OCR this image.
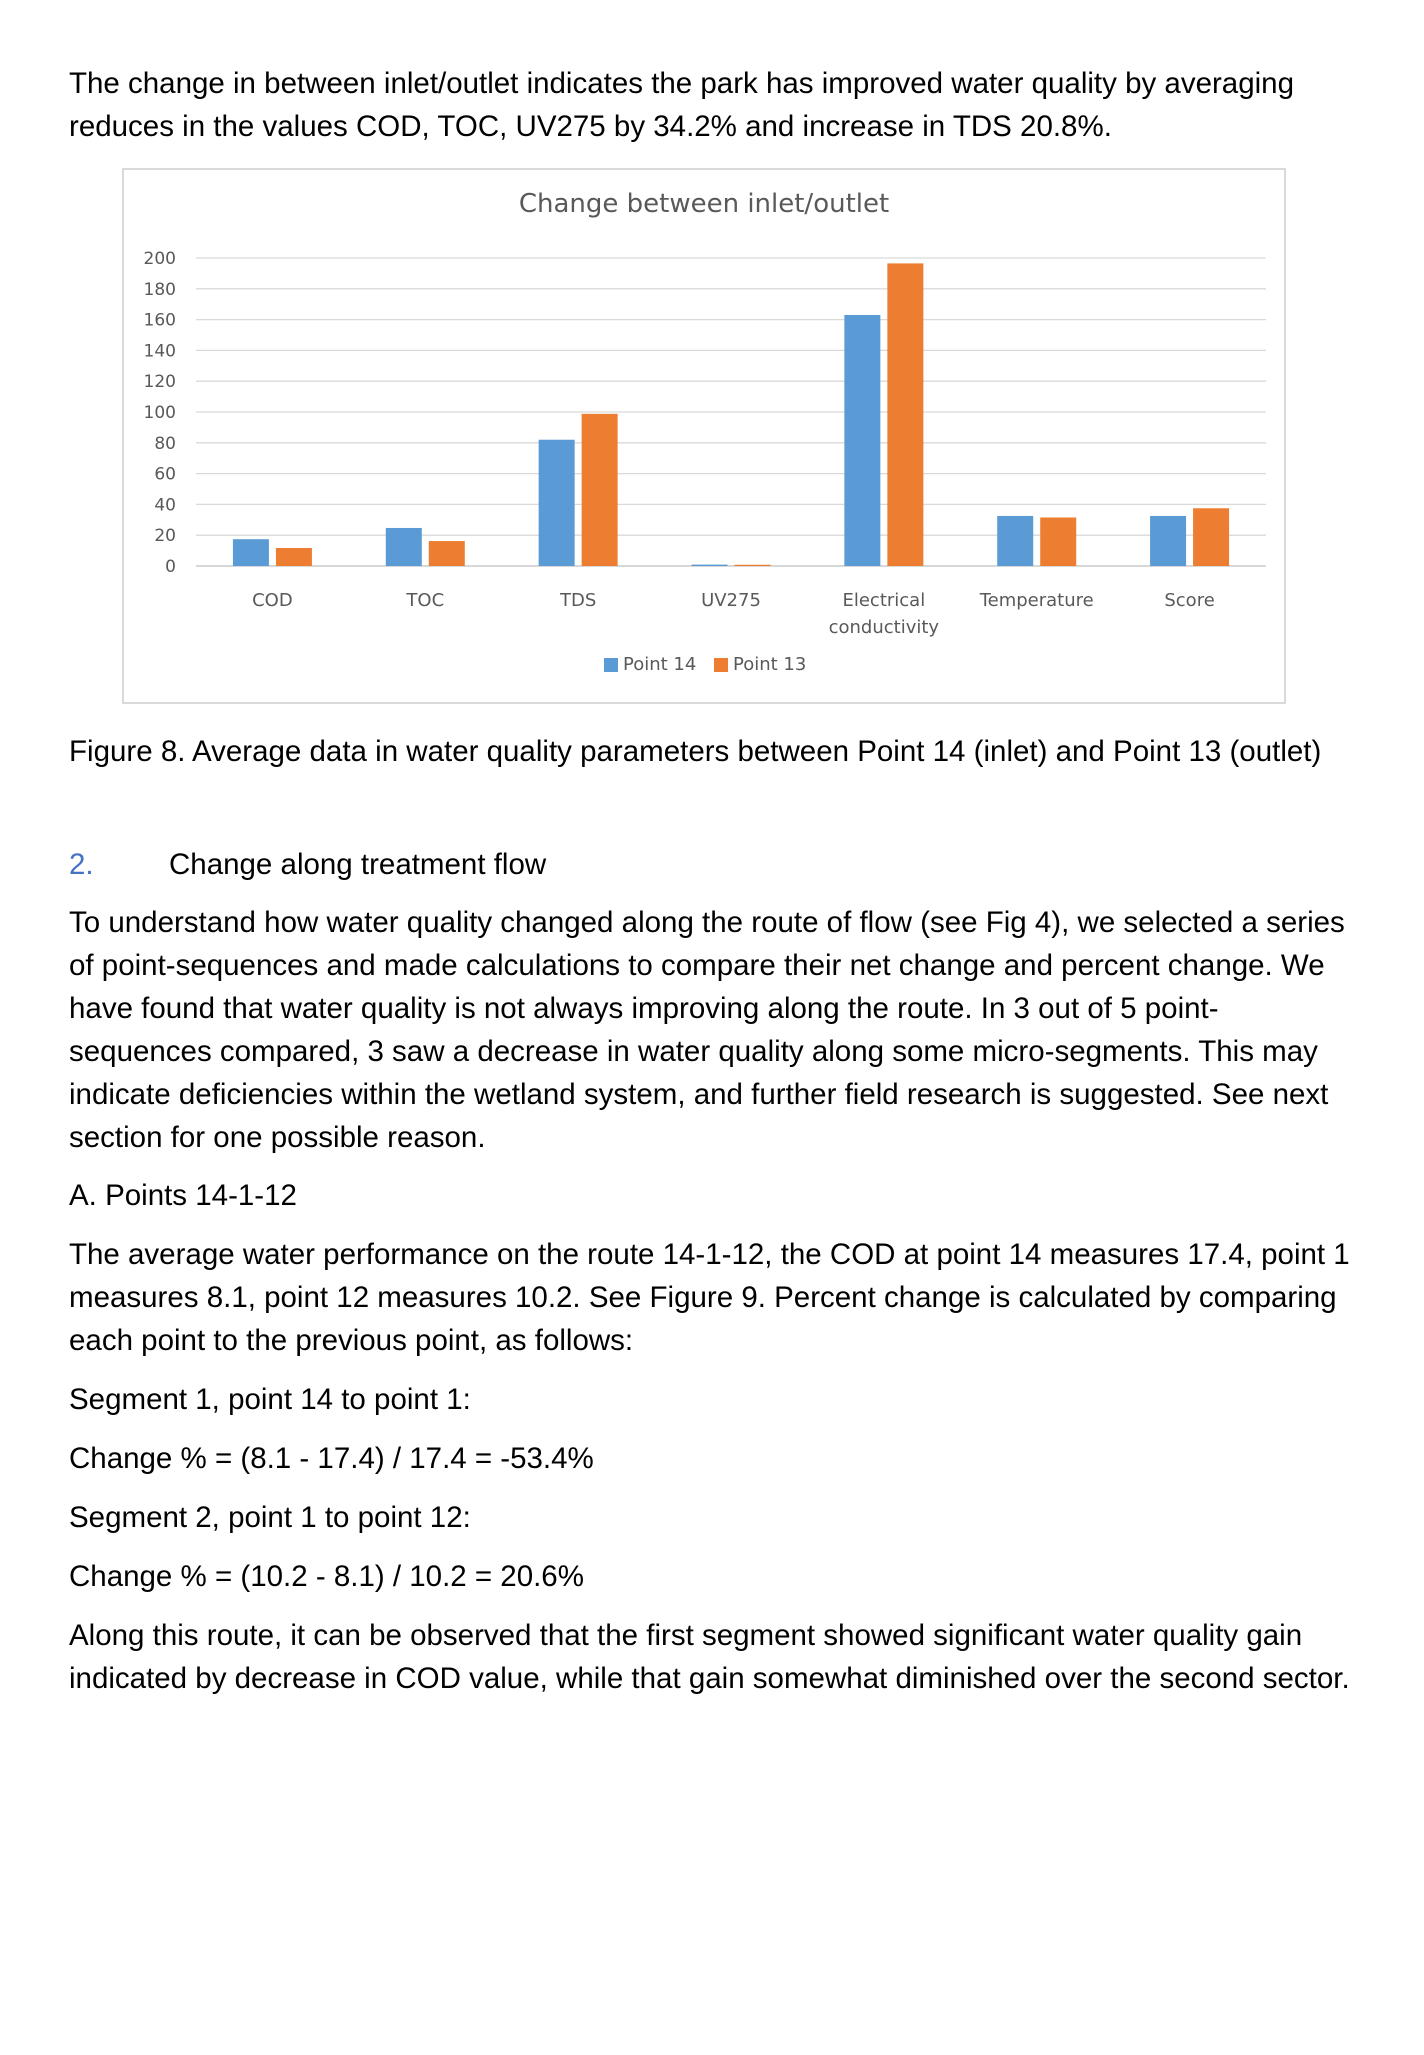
The change in between inlet/outlet indicates the park has improved water quality by averaging reduces in the values COD, TOC, UV275 by 34.2% and increase in TDS 20.8%.

Change between inlet/outlet
0
20
40
60
80
100
120
140
160
180
200
COD	TOC	TDS	UV275	Electrical
conductivity
Temperature	Score
Point 14 Point 13

Figure 8. Average data in water quality parameters between Point 14 (inlet) and Point 13 (outlet)

2.	Change along treatment flow

To understand how water quality changed along the route of flow (see Fig 4), we selected a series of point-sequences and made calculations to compare their net change and percent change. We have found that water quality is not always improving along the route. In 3 out of 5 point-sequences compared, 3 saw a decrease in water quality along some micro-segments. This may indicate deficiencies within the wetland system, and further field research is suggested. See next section for one possible reason.

A. Points 14-1-12

The average water performance on the route 14-1-12, the COD at point 14 measures 17.4, point 1 measures 8.1, point 12 measures 10.2. See Figure 9. Percent change is calculated by comparing each point to the previous point, as follows:

Segment 1, point 14 to point 1:

Change % = (8.1 - 17.4) / 17.4 = -53.4%

Segment 2, point 1 to point 12:

Change % = (10.2 - 8.1) / 10.2 = 20.6%

Along this route, it can be observed that the first segment showed significant water quality gain indicated by decrease in COD value, while that gain somewhat diminished over the second sector.
